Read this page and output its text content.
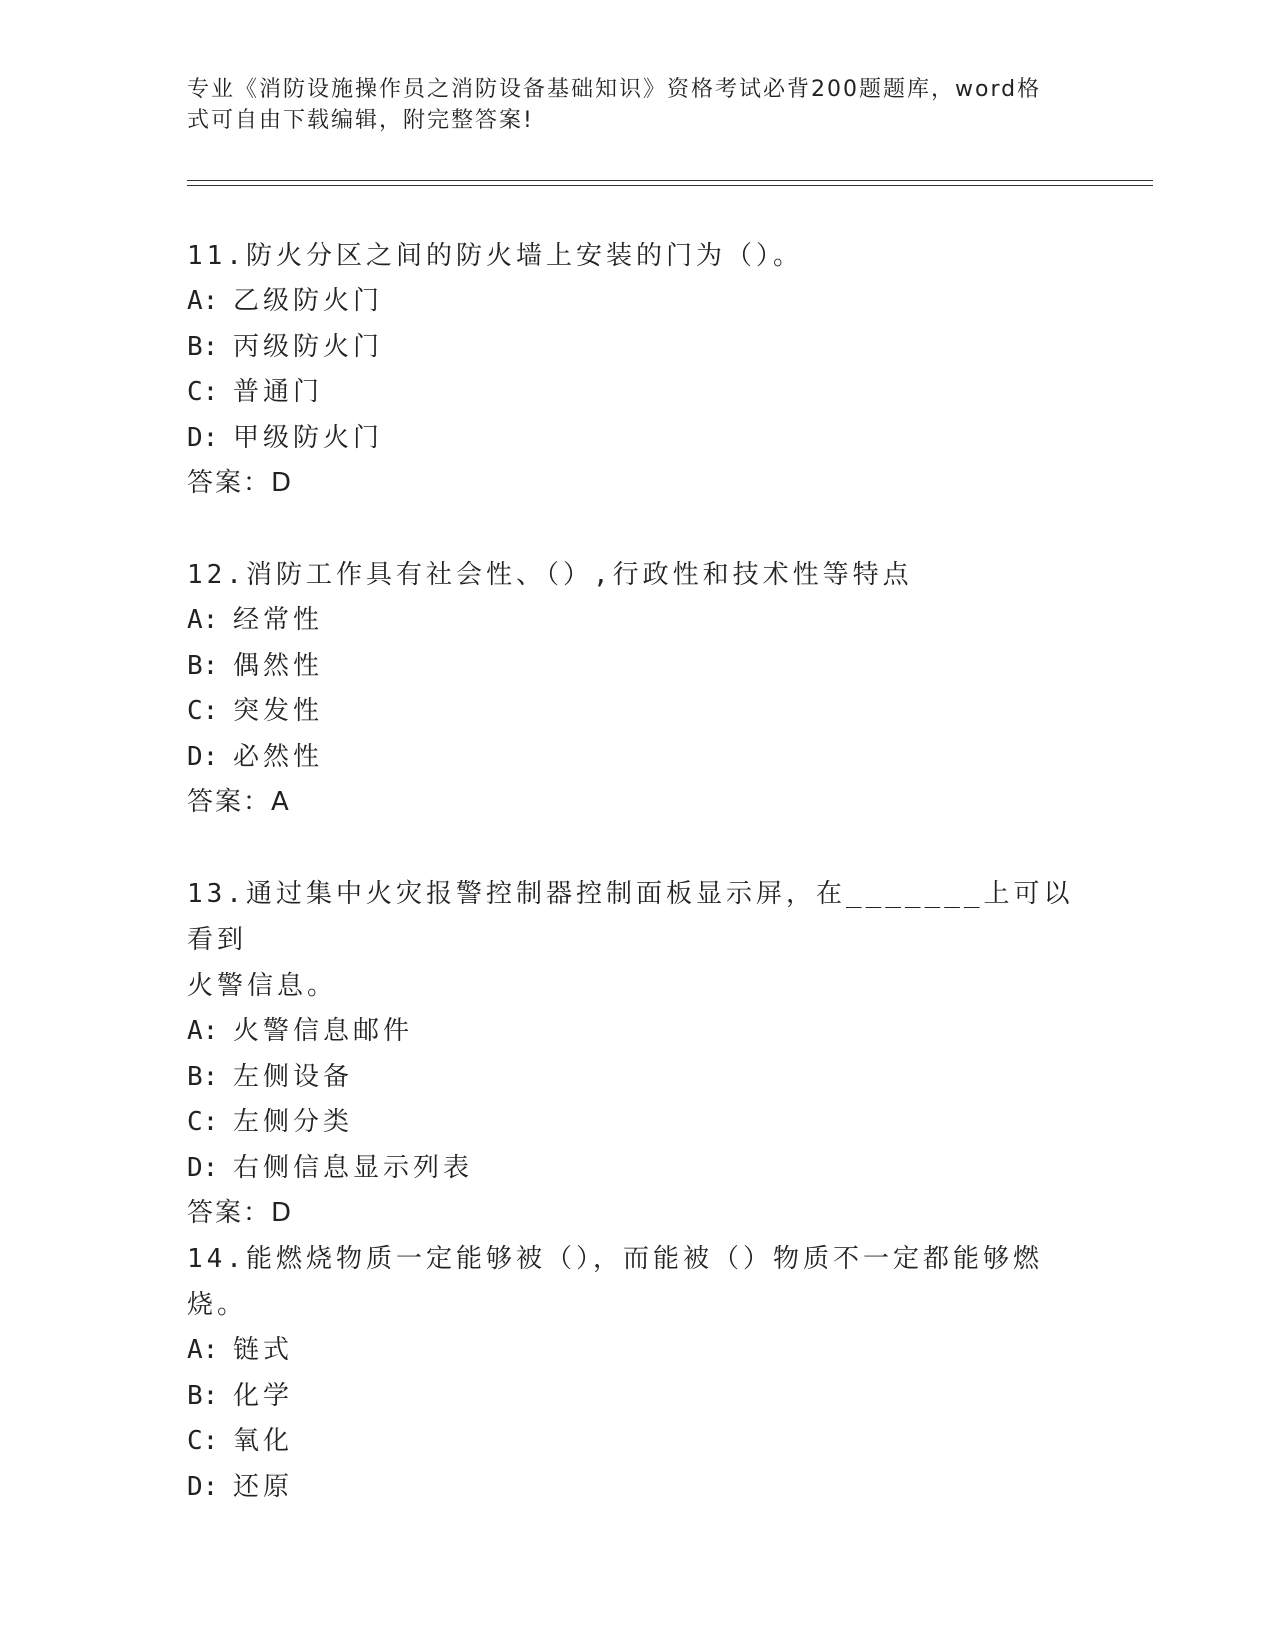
专业《消防设施操作员之消防设备基础知识》资格考试必背200题题库，word格
式可自由下载编辑，附完整答案!

11.防火分区之间的防火墙上安装的门为（）。

A: 乙级防火门
B: 丙级防火门
C: 普通门
D: 甲级防火门
答案：D

12.消防工作具有社会性、（）,行政性和技术性等特点

A: 经常性
B: 偶然性
C: 突发性
D: 必然性
答案：A

13.通过集中火灾报警控制器控制面板显示屏，在_______上可以看到

火警信息。

A: 火警信息邮件
B: 左侧设备
C: 左侧分类
D: 右侧信息显示列表
答案：D

14.能燃烧物质一定能够被（），而能被（）物质不一定都能够燃烧。

A: 链式
B: 化学
C: 氧化
D: 还原
